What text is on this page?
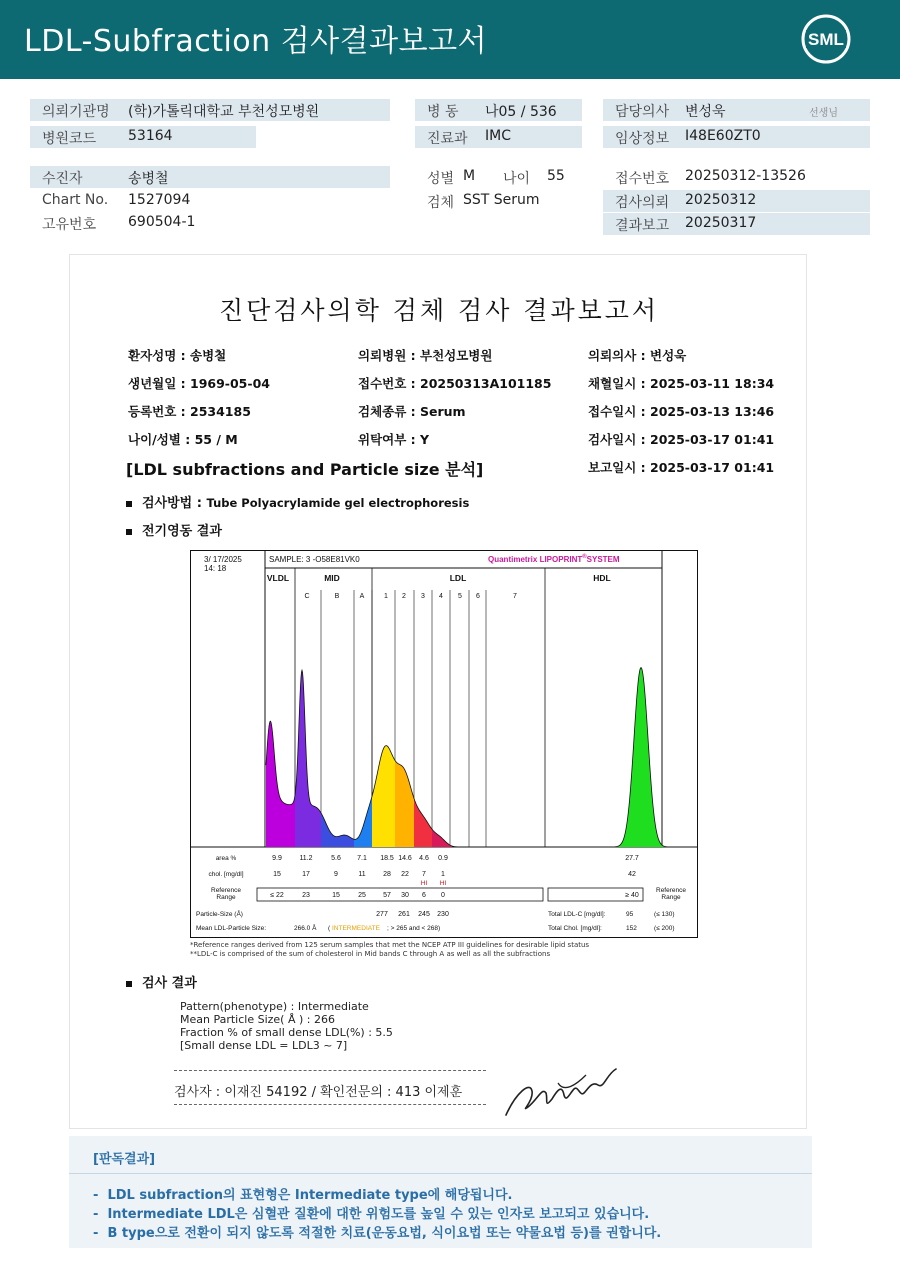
LDL-Subfraction 검사결과보고서	SML
의뢰기관명 (학)가톨릭대학교 부천성모병원
병원코드 53164
병 동 나05 / 536
진료과 IMC
담당의사 변성욱	선생님
임상정보 I48E60ZT0
수진자	송병철
Chart No. 1527094
고유번호 690504-1
성별 M 나이 55
검체 SST Serum
접수번호 20250312-13526
검사의뢰 20250312
결과보고 20250317
진단검사의학 검체 검사 결과보고서
환자성명 : 송병철	의뢰병원 : 부천성모병원	의뢰의사 : 변성욱
생년월일 : 1969-05-04	접수번호 : 20250313A101185	채혈일시 : 2025-03-11 18:34
등록번호 : 2534185	검체종류 : Serum	접수일시 : 2025-03-13 13:46
나이/성별 : 55 / M	위탁여부 : Y	검사일시 : 2025-03-17 01:41
[LDL subfractions and Particle size 분석]	보고일시 : 2025-03-17 01:41
검사방법 : Tube Polyacrylamide gel electrophoresis
전기영동 결과
3/ 17/2025
14: 18
SAMPLE: 3 -O58E81VK0	Quantimetrix LIPOPRINT®SYSTEM
VLDL	MID	LDL	HDL
C	B	A	1 2 3 4 5 6	7
area %
chol. [mg/dl]
Reference
Range
9.9	11.2	5.6 7.1 18.5 14.6 4.6 0.9	27.7
15	17	9	11 28 22 7 1	42
HI HI
≤ 22	23	15	25 57 30 6 0	≥ 40
Reference
Range
Particle-Size (Å)	277 261 245 230
Mean LDL-Particle Size:	266.0 Å ( INTERMEDIATE ; > 265 and < 268)
Total LDL-C [mg/dl]:	95	(≤ 130)
Total Chol. [mg/dl]:	152	(≤ 200)
*Reference ranges derived from 125 serum samples that met the NCEP ATP III guidelines for desirable lipid status
**LDL-C is comprised of the sum of cholesterol in Mid bands C through A as well as all the subfractions
검사 결과
Pattern(phenotype) : Intermediate
Mean Particle Size( Å ) : 266
Fraction % of small dense LDL(%) : 5.5
[Small dense LDL = LDL3 ~ 7]
검사자 : 이재진 54192 / 확인전문의 : 413 이제훈
[판독결과]
-  LDL subfraction의 표현형은 Intermediate type에 해당됩니다.
-  Intermediate LDL은 심혈관 질환에 대한 위험도를 높일 수 있는 인자로 보고되고 있습니다.
-  B type으로 전환이 되지 않도록 적절한 치료(운동요법, 식이요법 또는 약물요법 등)를 권합니다.
